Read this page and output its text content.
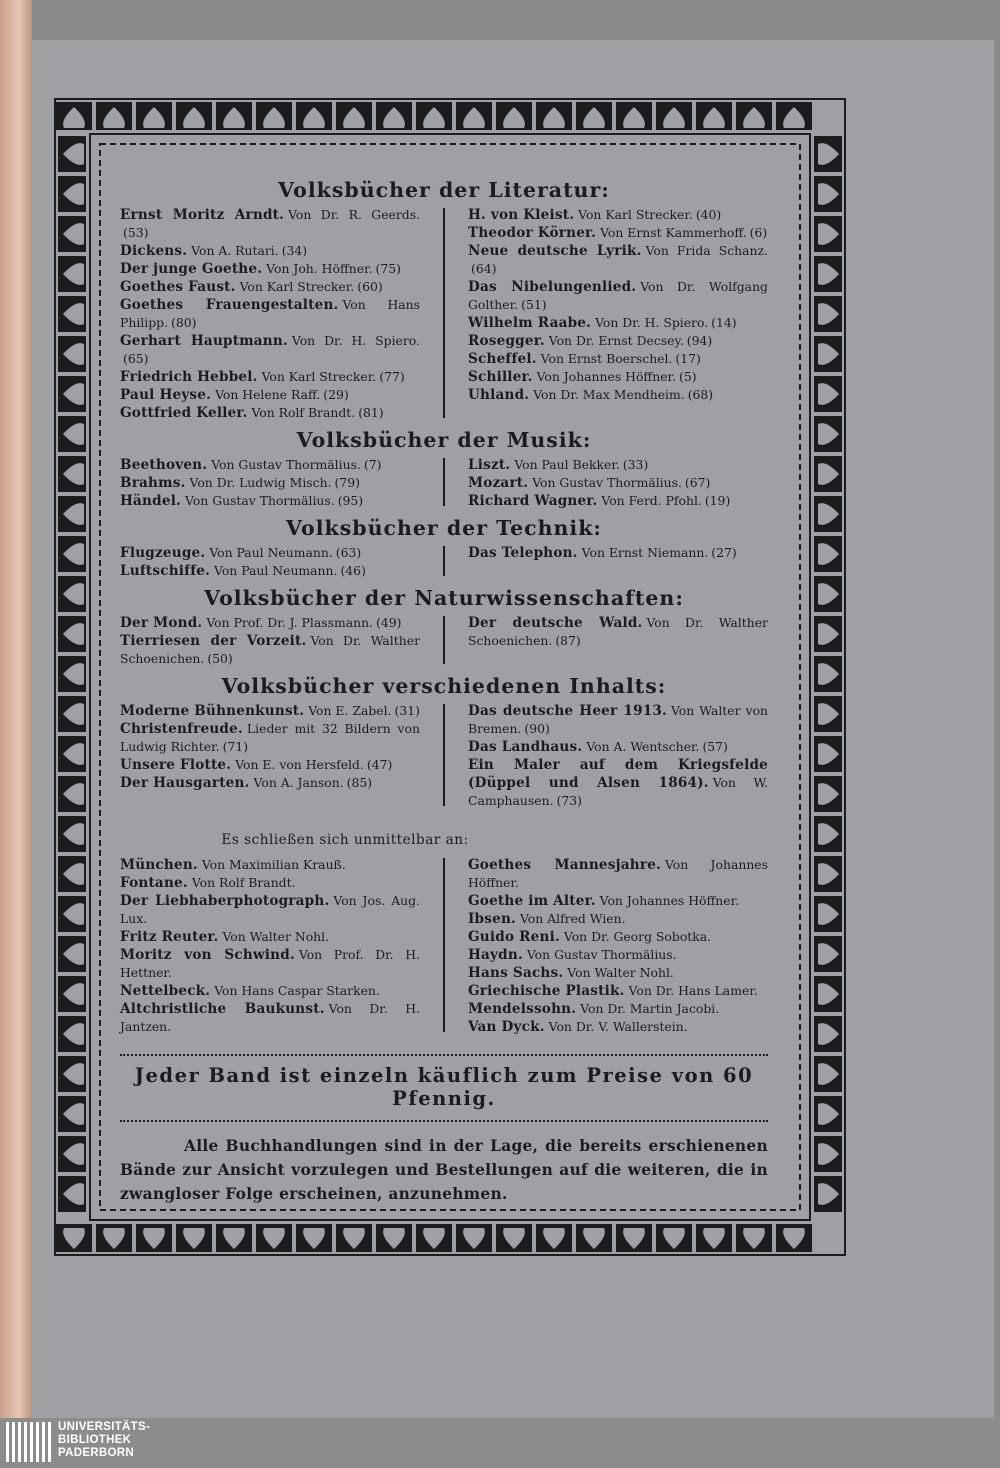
Volksbücher der Literatur:
Ernst Moritz Arndt. Von Dr. R. Geerds.(53)
Dickens. Von A. Rutari. (34)
Der junge Goethe. Von Joh. Höffner. (75)
Goethes Faust. Von Karl Strecker. (60)
Goethes Frauengestalten. Von Hans Philipp. (80)
Gerhart Hauptmann. Von Dr. H. Spiero.(65)
Friedrich Hebbel. Von Karl Strecker. (77)
Paul Heyse. Von Helene Raff. (29)
Gottfried Keller. Von Rolf Brandt. (81)
H. von Kleist. Von Karl Strecker. (40)
Theodor Körner. Von Ernst Kammerhoff. (6)
Neue deutsche Lyrik. Von Frida Schanz.(64)
Das Nibelungenlied. Von Dr. Wolfgang Golther. (51)
Wilhelm Raabe. Von Dr. H. Spiero. (14)
Rosegger. Von Dr. Ernst Decsey. (94)
Scheffel. Von Ernst Boerschel. (17)
Schiller. Von Johannes Höffner. (5)
Uhland. Von Dr. Max Mendheim. (68)
Volksbücher der Musik:
Beethoven. Von Gustav Thormälius. (7)
Brahms. Von Dr. Ludwig Misch. (79)
Händel. Von Gustav Thormälius. (95)
Liszt. Von Paul Bekker. (33)
Mozart. Von Gustav Thormälius. (67)
Richard Wagner. Von Ferd. Pfohl. (19)
Volksbücher der Technik:
Flugzeuge. Von Paul Neumann. (63)
Luftschiffe. Von Paul Neumann. (46)
Das Telephon. Von Ernst Niemann. (27)
Volksbücher der Naturwissenschaften:
Der Mond. Von Prof. Dr. J. Plassmann. (49)
Tierriesen der Vorzeit. Von Dr. Walther Schoenichen. (50)
Der deutsche Wald. Von Dr. Walther Schoenichen. (87)
Volksbücher verschiedenen Inhalts:
Moderne Bühnenkunst. Von E. Zabel. (31)
Christenfreude. Lieder mit 32 Bildern von Ludwig Richter. (71)
Unsere Flotte. Von E. von Hersfeld. (47)
Der Hausgarten. Von A. Janson. (85)
Das deutsche Heer 1913. Von Walter von Bremen. (90)
Das Landhaus. Von A. Wentscher. (57)
Ein Maler auf dem Kriegsfelde (Düppel und Alsen 1864). Von W. Camphausen. (73)
Es schließen sich unmittelbar an:
München. Von Maximilian Krauß.
Fontane. Von Rolf Brandt.
Der Liebhaberphotograph. Von Jos. Aug. Lux.
Fritz Reuter. Von Walter Nohl.
Moritz von Schwind. Von Prof. Dr. H. Hettner.
Nettelbeck. Von Hans Caspar Starken.
Altchristliche Baukunst. Von Dr. H. Jantzen.
Goethes Mannesjahre. Von Johannes Höffner.
Goethe im Alter. Von Johannes Höffner.
Ibsen. Von Alfred Wien.
Guido Reni. Von Dr. Georg Sobotka.
Haydn. Von Gustav Thormälius.
Hans Sachs. Von Walter Nohl.
Griechische Plastik. Von Dr. Hans Lamer.
Mendelssohn. Von Dr. Martin Jacobi.
Van Dyck. Von Dr. V. Wallerstein.

Jeder Band ist einzeln käuflich zum Preise von 60 Pfennig.

Alle Buchhandlungen sind in der Lage, die bereits erschienenen Bände zur Ansicht vorzulegen und Bestellungen auf die weiteren, die in zwangloser Folge erscheinen, anzunehmen.

UNIVERSITÄTS-
BIBLIOTHEK
PADERBORN
